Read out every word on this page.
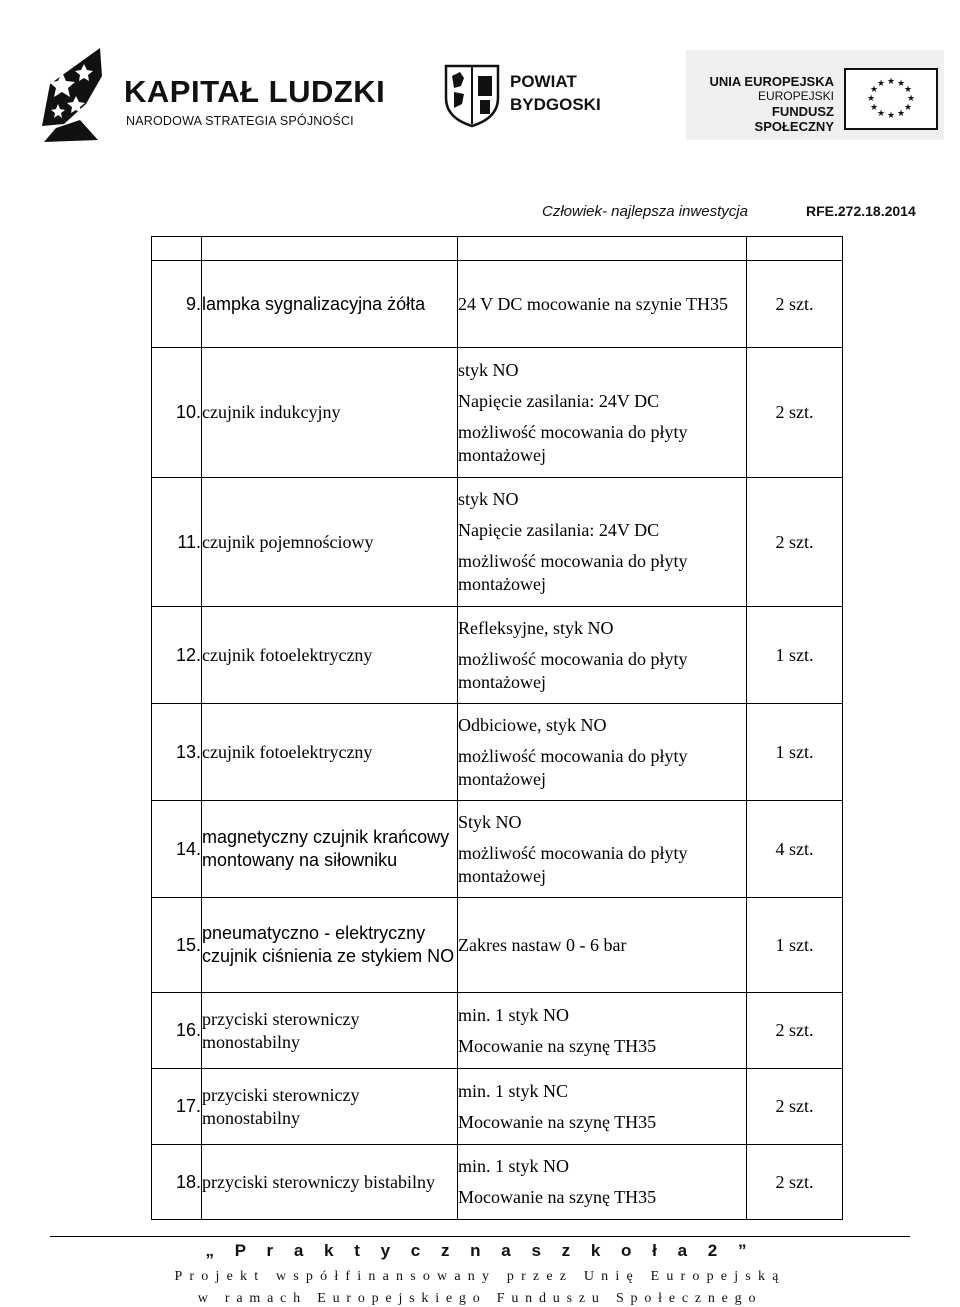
KAPITAŁ LUDZKI
NARODOWA STRATEGIA SPÓJNOŚCI
POWIAT
BYDGOSKI
UNIA EUROPEJSKA
EUROPEJSKI
FUNDUSZ SPOŁECZNY
★ ★
★
★
★
★
★
★
★
★
★
★
Człowiek- najlepsza inwestycja	RFE.272.18.2014

9.	lampka sygnalizacyjna żółta	24 V DC mocowanie na szynie TH35	2 szt.
10.	czujnik indukcyjny	styk NO
Napięcie zasilania: 24V DC
możliwość mocowania do płyty montażowej	2 szt.
11.	czujnik pojemnościowy	styk NO
Napięcie zasilania: 24V DC
możliwość mocowania do płyty montażowej	2 szt.
12.	czujnik fotoelektryczny	Refleksyjne, styk NO
możliwość mocowania do płyty montażowej	1 szt.
13.	czujnik fotoelektryczny	Odbiciowe, styk NO
możliwość mocowania do płyty montażowej	1 szt.
14.	magnetyczny czujnik krańcowy montowany na siłowniku	Styk NO
możliwość mocowania do płyty montażowej	4 szt.
15.	pneumatyczno - elektryczny czujnik ciśnienia ze stykiem NO	Zakres nastaw 0 - 6 bar	1 szt.
16.	przyciski sterowniczy monostabilny	min. 1 styk NO
Mocowanie na szynę TH35	2 szt.
17.	przyciski sterowniczy monostabilny	min. 1 styk NC
Mocowanie na szynę TH35	2 szt.
18.	przyciski sterowniczy bistabilny	min. 1 styk NO
Mocowanie na szynę TH35	2 szt.
„ P r a k t y c z n a s z k o ł a 2 ”
Projekt współfinansowany przez Unię Europejską
w ramach Europejskiego Funduszu Społecznego
